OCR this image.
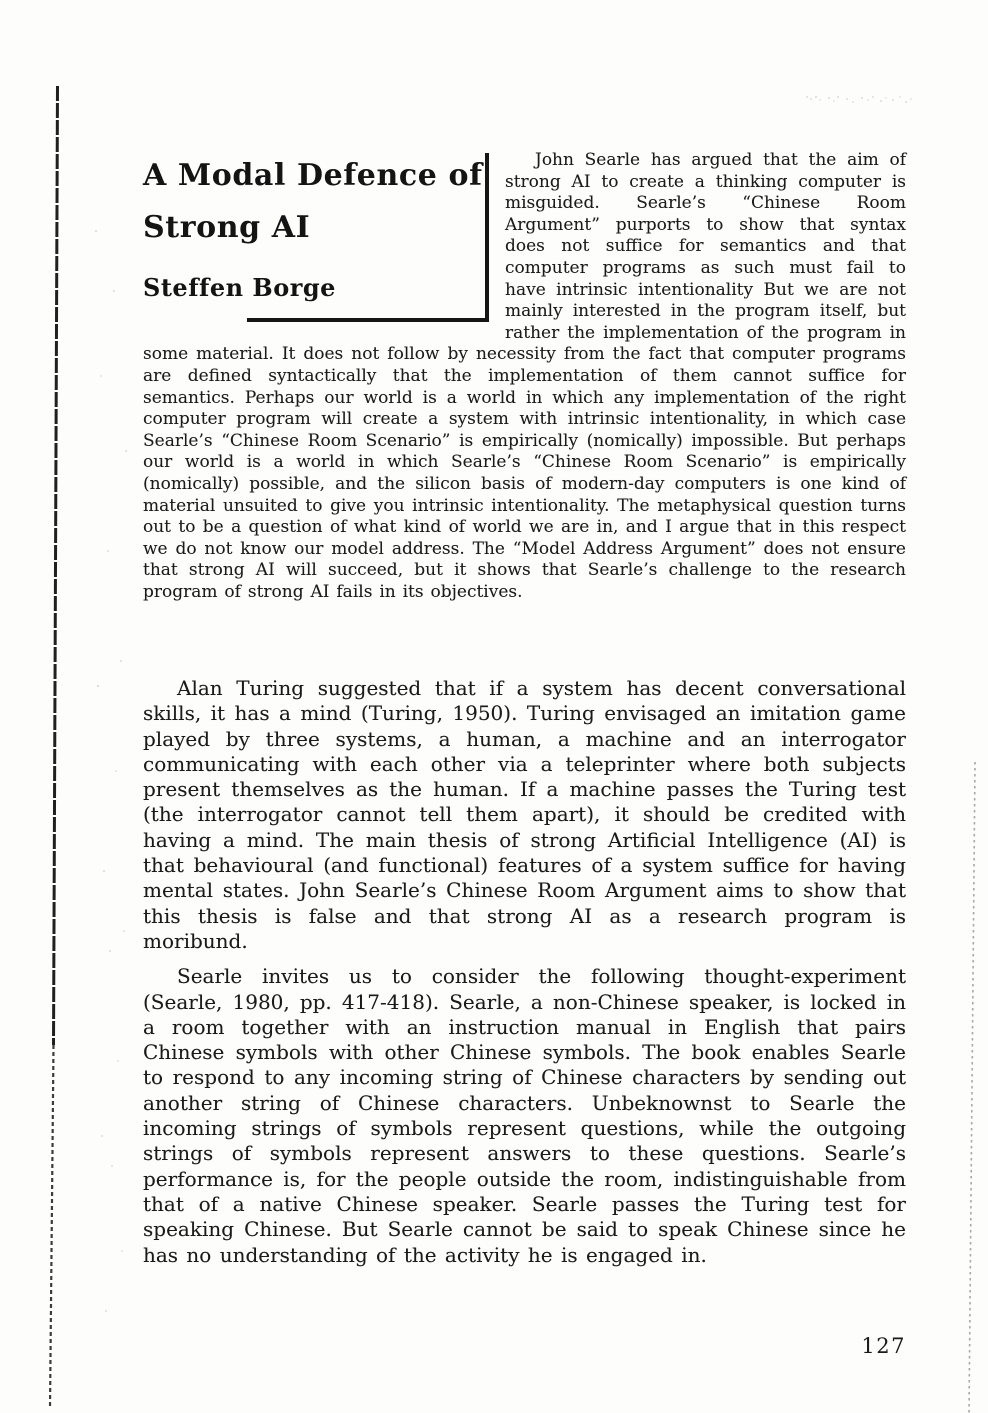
A Modal Defence of
Strong AI
Steffen Borge

John Searle has argued that the aim of strong AI to create a thinking computer is misguided. Searle’s “Chinese Room Argument” purports to show that syntax does not suffice for semantics and that computer programs as such must fail to have intrinsic intentionality But we are not mainly interested in the program itself, but rather the implementation of the program in some material. It does not follow by necessity from the fact that computer programs are defined syntactically that the implementation of them cannot suffice for semantics. Perhaps our world is a world in which any implementation of the right computer program will create a system with intrinsic intentionality, in which case Searle’s “Chinese Room Scenario” is empirically (nomically) impossible. But perhaps our world is a world in which Searle’s “Chinese Room Scenario” is empirically (nomically) possible, and the silicon basis of modern-day computers is one kind of material unsuited to give you intrinsic intentionality. The metaphysical question turns out to be a question of what kind of world we are in, and I argue that in this respect we do not know our model address. The “Model Address Argument” does not ensure that strong AI will succeed, but it shows that Searle’s challenge to the research program of strong AI fails in its objectives.

Alan Turing suggested that if a system has decent conversational skills, it has a mind (Turing, 1950). Turing envisaged an imitation game played by three systems, a human, a machine and an interrogator communicating with each other via a teleprinter where both subjects present themselves as the human. If a machine passes the Turing test (the interrogator cannot tell them apart), it should be credited with having a mind. The main thesis of strong Artificial Intelligence (AI) is that behavioural (and functional) features of a system suffice for having mental states. John Searle’s Chinese Room Argument aims to show that this thesis is false and that strong AI as a research program is moribund.

Searle invites us to consider the following thought-experiment (Searle, 1980, pp. 417-418). Searle, a non-Chinese speaker, is locked in a room together with an instruction manual in English that pairs Chinese symbols with other Chinese symbols. The book enables Searle to respond to any incoming string of Chinese characters by sending out another string of Chinese characters. Unbeknownst to Searle the incoming strings of symbols represent questions, while the outgoing strings of symbols represent answers to these questions. Searle’s performance is, for the people outside the room, indistinguishable from that of a native Chinese speaker. Searle passes the Turing test for speaking Chinese. But Searle cannot be said to speak Chinese since he has no understanding of the activity he is engaged in.

127
